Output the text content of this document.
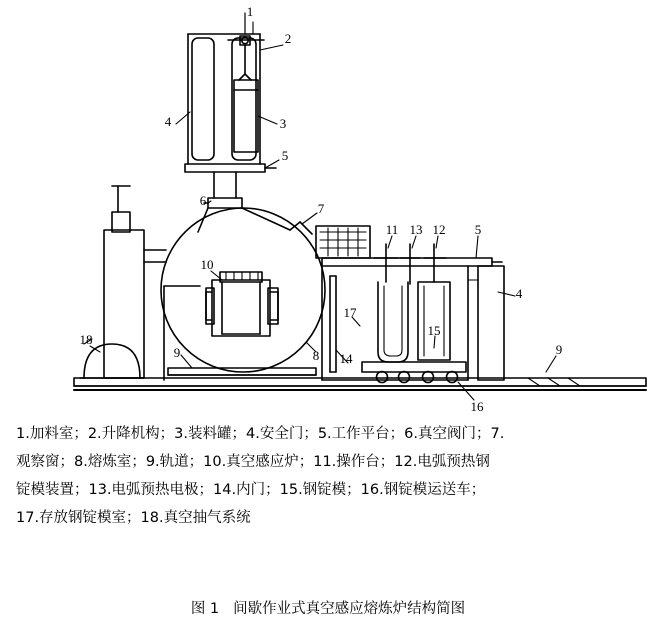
1
2
3
4
5
6
7
10
11 13 12 5
4
17
15
18
9	8 14
9
16
1.加料室；2.升降机构；3.装料罐；4.安全门；5.工作平台；6.真空阀门；7.
观察窗；8.熔炼室；9.轨道；10.真空感应炉；11.操作台；12.电弧预热钢
锭模装置；13.电弧预热电极；14.内门；15.钢锭模；16.钢锭模运送车；
17.存放钢锭模室；18.真空抽气系统
图 1 间歇作业式真空感应熔炼炉结构简图
